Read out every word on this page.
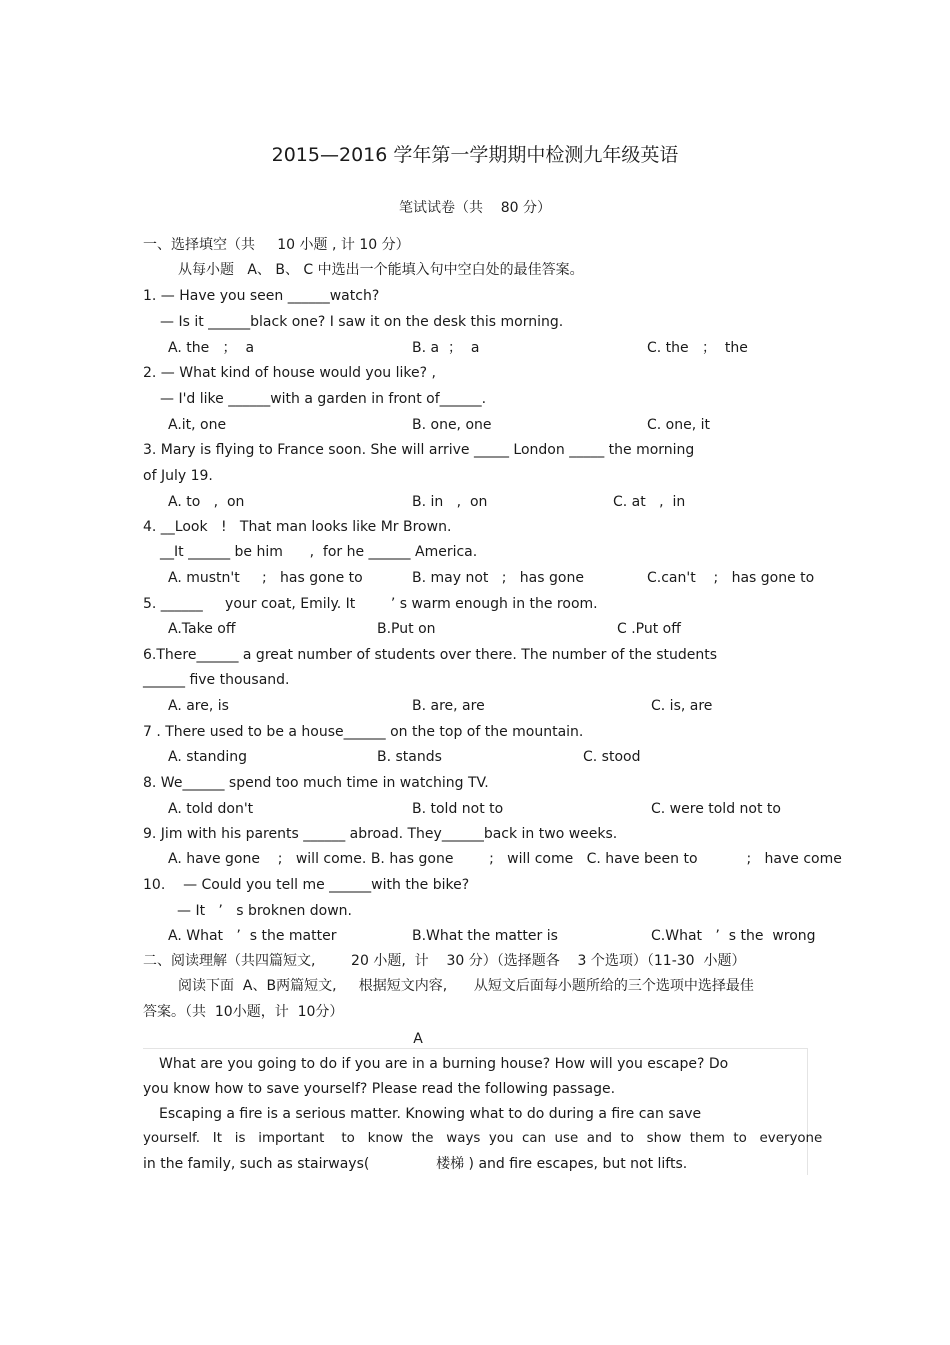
2015—2016 学年第一学期期中检测九年级英语
笔试试卷（共    80 分）
一、选择填空（共     10 小题 , 计 10 分）
从每小题   A、 B、 C 中选出一个能填入句中空白处的最佳答案。
1. — Have you seen ______watch?
— Is it ______black one? I saw it on the desk this morning.
A. the   ；  a	B. a  ；  a	C. the   ；  the
2. — What kind of house would you like? ,
— I'd like ______with a garden in front of______.
A.it, one	B. one, one	C. one, it
3. Mary is flying to France soon. She will arrive _____ London _____ the morning
of July 19.
A. to   ,  on	B. in   ,  on	C. at   ,  in
4. __Look   !   That man looks like Mr Brown.
__It ______ be him      ,  for he ______ America.
A. mustn't     ;   has gone to	B. may not   ;   has gone	C.can't    ;   has gone to
5. ______     your coat, Emily. It        ’ s warm enough in the room.
A.Take off	B.Put on	C .Put off
6.There______ a great number of students over there. The number of the students
______ five thousand.
A. are, is	B. are, are	C. is, are
7 . There used to be a house______ on the top of the mountain.
A. standing	B. stands	C. stood
8. We______ spend too much time in watching TV.
A. told don't	B. told not to	C. were told not to
9. Jim with his parents ______ abroad. They______back in two weeks.
A. have gone    ;   will come. B. has gone        ;   will come   C. have been to           ;   have come
10.    — Could you tell me ______with the bike?
— It   ’   s broknen down.
A. What   ’  s the matter	B.What the matter is	C.What   ’  s the  wrong
二、阅读理解（共四篇短文,        20 小题,  计    30 分）（选择题各    3 个选项）（11-30  小题）
阅读下面  A、B两篇短文,     根据短文内容,      从短文后面每小题所给的三个选项中选择最佳
答案。（共  10小题，计  10分）
A
What are you going to do if you are in a burning house? How will you escape? Do
you know how to save yourself? Please read the following passage.
Escaping a fire is a serious matter. Knowing what to do during a fire can save
yourself.   It   is   important    to   know  the   ways  you  can  use  and  to   show  them  to   everyone
in the family, such as stairways(               楼梯 ) and fire escapes, but not lifts.
